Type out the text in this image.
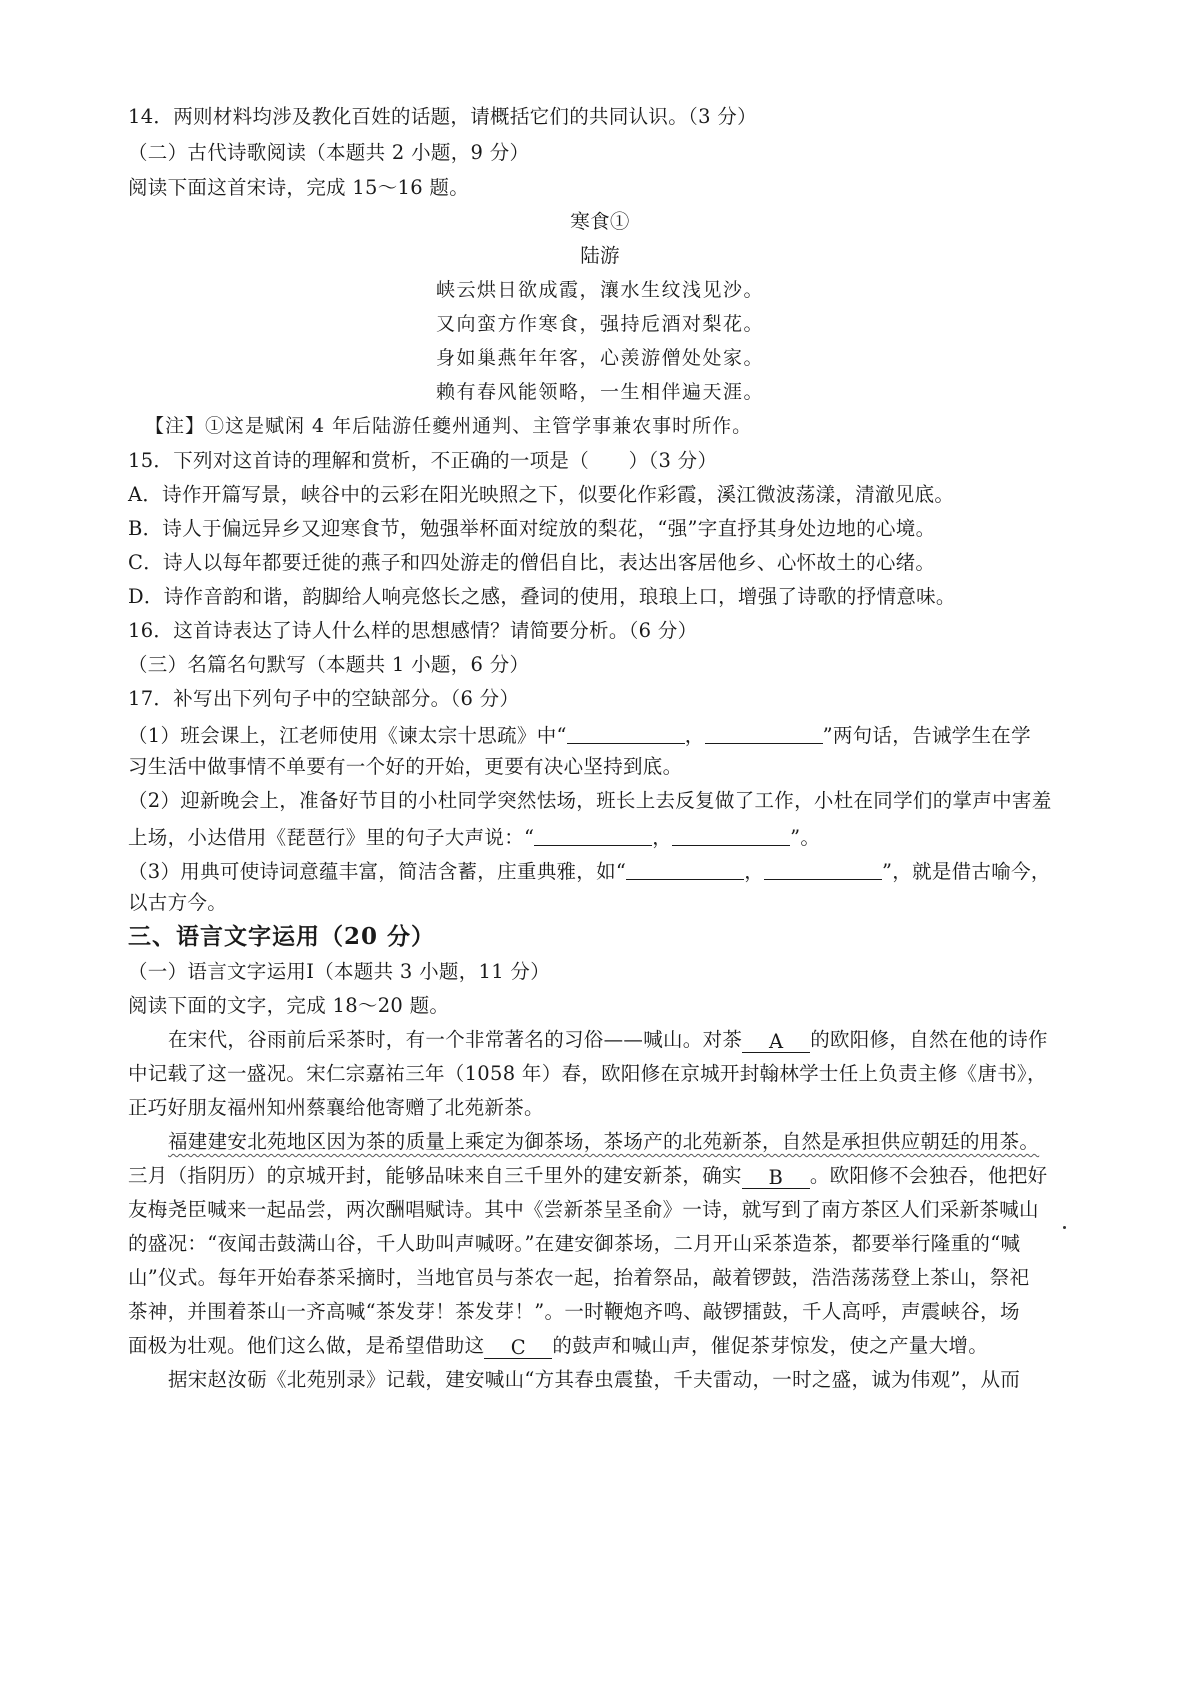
14．两则材料均涉及教化百姓的话题，请概括它们的共同认识。（3 分）
（二）古代诗歌阅读（本题共 2 小题，9 分）
阅读下面这首宋诗，完成 15～16 题。
寒食①
陆游
峡云烘日欲成霞，瀼水生纹浅见沙。
又向蛮方作寒食，强持卮酒对梨花。
身如巢燕年年客，心羡游僧处处家。
赖有春风能领略，一生相伴遍天涯。
【注】①这是赋闲 4 年后陆游任夔州通判、主管学事兼农事时所作。
15．下列对这首诗的理解和赏析，不正确的一项是（　　）（3 分）
A．诗作开篇写景，峡谷中的云彩在阳光映照之下，似要化作彩霞，溪江微波荡漾，清澈见底。
B．诗人于偏远异乡又迎寒食节，勉强举杯面对绽放的梨花，“强”字直抒其身处边地的心境。
C．诗人以每年都要迁徙的燕子和四处游走的僧侣自比，表达出客居他乡、心怀故土的心绪。
D．诗作音韵和谐，韵脚给人响亮悠长之感，叠词的使用，琅琅上口，增强了诗歌的抒情意味。
16．这首诗表达了诗人什么样的思想感情？请简要分析。（6 分）
（三）名篇名句默写（本题共 1 小题，6 分）
17．补写出下列句子中的空缺部分。（6 分）
（1）班会课上，江老师使用《谏太宗十思疏》中“	，	”两句话，告诫学生在学
习生活中做事情不单要有一个好的开始，更要有决心坚持到底。
（2）迎新晚会上，准备好节目的小杜同学突然怯场，班长上去反复做了工作，小杜在同学们的掌声中害羞
上场，小达借用《琵琶行》里的句子大声说：“	，	”。
（3）用典可使诗词意蕴丰富，简洁含蓄，庄重典雅，如“	，	”，就是借古喻今，
以古方今。
三、语言文字运用（20 分）
（一）语言文字运用Ⅰ（本题共 3 小题，11 分）
阅读下面的文字，完成 18～20 题。
在宋代，谷雨前后采茶时，有一个非常著名的习俗——喊山。对茶 A 的欧阳修，自然在他的诗作
中记载了这一盛况。宋仁宗嘉祐三年（1058 年）春，欧阳修在京城开封翰林学士任上负责主修《唐书》，
正巧好朋友福州知州蔡襄给他寄赠了北苑新茶。
福建建安北苑地区因为茶的质量上乘定为御茶场，茶场产的北苑新茶，自然是承担供应朝廷的用茶。
三月（指阴历）的京城开封，能够品味来自三千里外的建安新茶，确实 B 。欧阳修不会独吞，他把好
友梅尧臣喊来一起品尝，两次酬唱赋诗。其中《尝新茶呈圣俞》一诗，就写到了南方茶区人们采新茶喊山
的盛况：“夜闻击鼓满山谷，千人助叫声喊呀。”在建安御茶场，二月开山采茶造茶，都要举行隆重的“喊
山”仪式。每年开始春茶采摘时，当地官员与茶农一起，抬着祭品，敲着锣鼓，浩浩荡荡登上茶山，祭祀
茶神，并围着茶山一齐高喊“茶发芽！茶发芽！”。一时鞭炮齐鸣、敲锣擂鼓，千人高呼，声震峡谷，场
面极为壮观。他们这么做，是希望借助这 C 的鼓声和喊山声，催促茶芽惊发，使之产量大增。
据宋赵汝砺《北苑别录》记载，建安喊山“方其春虫震蛰，千夫雷动，一时之盛，诚为伟观”，从而
